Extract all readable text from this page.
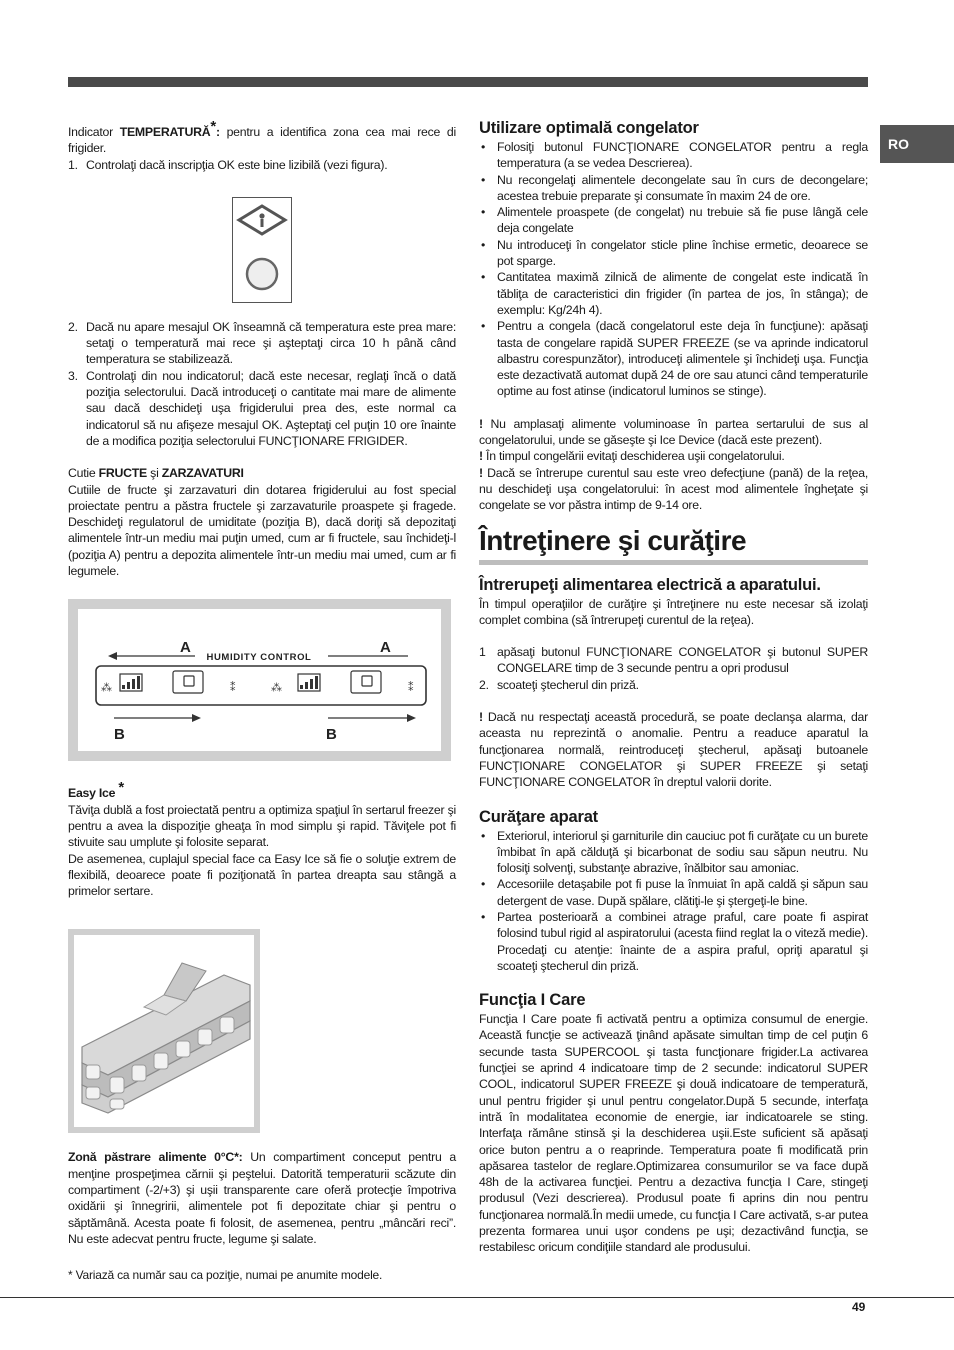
RO

Indicator TEMPERATURĂ*: pentru a identifica zona cea mai rece di frigider.

1. Controlaţi dacă inscripţia OK este bine lizibilă (vezi figura).
2. Dacă nu apare mesajul OK înseamnă că temperatura este prea mare: setaţi o temperatură mai rece şi aşteptaţi circa 10 h până când temperatura se stabilizează.
3. Controlaţi din nou indicatorul; dacă este necesar, reglaţi încă o dată poziţia selectorului. Dacă introduceţi o cantitate mai mare de alimente sau dacă deschideţi uşa frigiderului prea des, este normal ca indicatorul să nu afişeze mesajul OK. Aşteptaţi cel puţin 10 ore înainte de a modifica poziţia selectorului FUNCŢIONARE FRIGIDER.

Cutie FRUCTE şi ZARZAVATURI

Cutiile de fructe şi zarzavaturi din dotarea frigiderului au fost special proiectate pentru a păstra fructele şi zarzavaturile proaspete şi fragede. Deschideţi regulatorul de umiditate (poziţia B), dacă doriţi să depozitaţi alimentele într-un mediu mai puţin umed, cum ar fi fructele, sau închideţi-l (poziţia A) pentru a depozita alimentele într-un mediu mai umed, cum ar fi legumele.

A	A
HUMIDITY CONTROL
⁂	⁑	⁂	⁑
B	B

Easy Ice *

Tăviţa dublă a fost proiectată pentru a optimiza spaţiul în sertarul freezer şi pentru a avea la dispoziţie gheaţa în mod simplu şi rapid. Tăviţele pot fi stivuite sau umplute şi folosite separat.

De asemenea, cuplajul special face ca Easy Ice să fie o soluţie extrem de flexibilă, deoarece poate fi poziţionată în partea dreapta sau stângă a primelor sertare.

Zonă păstrare alimente 0°C*: Un compartiment conceput pentru a menţine prospeţimea cărnii şi peştelui. Datorită temperaturii scăzute din compartiment (-2/+3) şi uşii transparente care oferă protecţie împotriva oxidării şi înnegririi, alimentele pot fi depozitate chiar şi pentru o săptămână. Acesta poate fi folosit, de asemenea, pentru „mâncări reci”. Nu este adecvat pentru fructe, legume şi salate.

Utilizare optimală congelator
• Folosiţi butonul FUNCŢIONARE CONGELATOR pentru a regla temperatura (a se vedea Descrierea).
• Nu recongelaţi alimentele decongelate sau în curs de decongelare; acestea trebuie preparate şi consumate în maxim 24 de ore.
• Alimentele proaspete (de congelat) nu trebuie să fie puse lângă cele deja congelate
• Nu introduceţi în congelator sticle pline închise ermetic, deoarece se pot sparge.
• Cantitatea maximă zilnică de alimente de congelat este indicată în tăbliţa de caracteristici din frigider (în partea de jos, în stânga); de exemplu: Kg/24h 4).
• Pentru a congela (dacă congelatorul este deja în funcţiune): apăsaţi tasta de congelare rapidă SUPER FREEZE (se va aprinde indicatorul albastru corespunzător), introduceţi alimentele şi închideţi uşa. Funcţia este dezactivată automat după 24 de ore sau atunci când temperaturile optime au fost atinse (indicatorul luminos se stinge).

! Nu amplasaţi alimente voluminoase în partea sertarului de sus al congelatorului, unde se găseşte şi Ice Device (dacă este prezent).

! În timpul congelării evitaţi deschiderea uşii congelatorului.

! Dacă se întrerupe curentul sau este vreo defecţiune (pană) de la reţea, nu deschideţi uşa congelatorului: în acest mod alimentele îngheţate şi congelate se vor păstra intimp de 9-14 ore.

Întreţinere şi curăţire
Întrerupeţi alimentarea electrică a aparatului.

În timpul operaţiilor de curăţire şi întreţinere nu este necesar să izolaţi complet combina (să întrerupeţi curentul de la reţea).

1 apăsaţi butonul FUNCŢIONARE CONGELATOR şi butonul SUPER CONGELARE timp de 3 secunde pentru a opri produsul
2. scoateţi ştecherul din priză.

! Dacă nu respectaţi această procedură, se poate declanşa alarma, dar aceasta nu reprezintă o anomalie. Pentru a readuce aparatul la funcţionarea normală, reintroduceţi ştecherul, apăsaţi butoanele FUNCŢIONARE CONGELATOR şi SUPER FREEZE şi setaţi FUNCŢIONARE CONGELATOR în dreptul valorii dorite.

Curăţare aparat
• Exteriorul, interiorul şi garniturile din cauciuc pot fi curăţate cu un burete îmbibat în apă călduţă şi bicarbonat de sodiu sau săpun neutru. Nu folosiţi solvenţi, substanţe abrazive, înălbitor sau amoniac.
• Accesoriile detaşabile pot fi puse la înmuiat în apă caldă şi săpun sau detergent de vase. După spălare, clătiţi-le şi ştergeţi-le bine.
• Partea posterioară a combinei atrage praful, care poate fi aspirat folosind tubul rigid al aspiratorului (acesta fiind reglat la o viteză medie). Procedaţi cu atenţie: înainte de a aspira praful, opriţi aparatul şi scoateţi ştecherul din priză.
Funcţia I Care

Funcţia I Care poate fi activată pentru a optimiza consumul de energie. Această funcţie se activează ţinând apăsate simultan timp de cel puţin 6 secunde tasta SUPERCOOL şi tasta funcţionare frigider.La activarea funcţiei se aprind 4 indicatoare timp de 2 secunde: indicatorul SUPER COOL, indicatorul SUPER FREEZE şi două indicatoare de temperatură, unul pentru frigider şi unul pentru congelator.După 5 secunde, interfaţa intră în modalitatea economie de energie, iar indicatoarele se sting. Interfaţa rămâne stinsă şi la deschiderea uşii.Este suficient să apăsaţi orice buton pentru a o reaprinde. Temperatura poate fi modificată prin apăsarea tastelor de reglare.Optimizarea consumurilor se va face după 48h de la activarea funcţiei. Pentru a dezactiva funcţia I Care, stingeţi produsul (Vezi descrierea). Produsul poate fi aprins din nou pentru funcţionarea normală.În medii umede, cu funcţia I Care activată, s-ar putea prezenta formarea unui uşor condens pe uşi; dezactivând funcţia, se restabilesc oricum condiţiile standard ale produsului.

* Variază ca număr sau ca poziţie, numai pe anumite modele.
49
